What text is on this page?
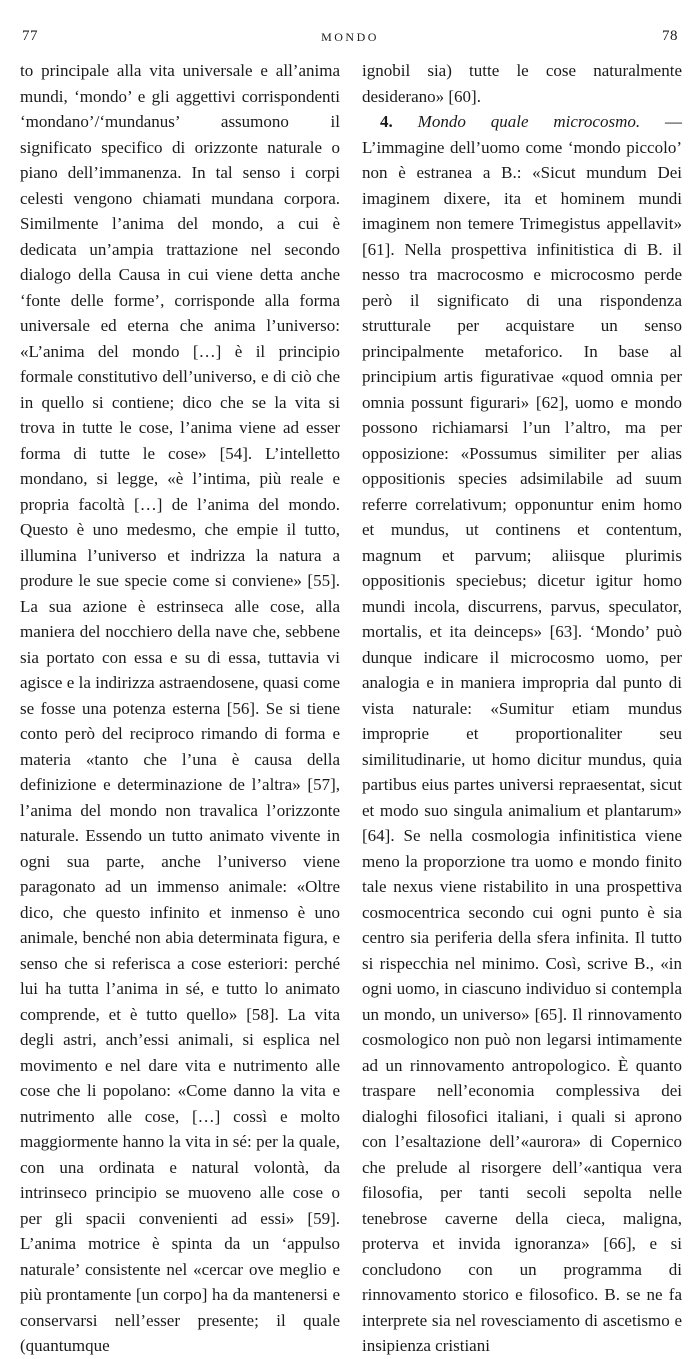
77	MONDO	78

to principale alla vita universale e all’anima mundi, ‘mondo’ e gli aggettivi corrispondenti ‘mondano’/‘mundanus’ assumono il significato specifico di orizzonte naturale o piano dell’immanenza. In tal senso i corpi celesti vengono chiamati mundana corpora. Similmente l’anima del mondo, a cui è dedicata un’ampia trattazione nel secondo dialogo della Causa in cui viene detta anche ‘fonte delle forme’, corrisponde alla forma universale ed eterna che anima l’universo: «L’anima del mondo […] è il principio formale constitutivo dell’universo, e di ciò che in quello si contiene; dico che se la vita si trova in tutte le cose, l’anima viene ad esser forma di tutte le cose» [54]. L’intelletto mondano, si legge, «è l’intima, più reale e propria facoltà […] de l’anima del mondo. Questo è uno medesmo, che empie il tutto, illumina l’universo et indrizza la natura a produre le sue specie come si conviene» [55]. La sua azione è estrinseca alle cose, alla maniera del nocchiero della nave che, sebbene sia portato con essa e su di essa, tuttavia vi agisce e la indirizza astraendosene, quasi come se fosse una potenza esterna [56]. Se si tiene conto però del reciproco rimando di forma e materia «tanto che l’una è causa della definizione e determinazione de l’altra» [57], l’anima del mondo non travalica l’orizzonte naturale. Essendo un tutto animato vivente in ogni sua parte, anche l’universo viene paragonato ad un immenso animale: «Oltre dico, che questo infinito et inmenso è uno animale, benché non abia determinata figura, e senso che si referisca a cose esteriori: perché lui ha tutta l’anima in sé, e tutto lo animato comprende, et è tutto quello» [58]. La vita degli astri, anch’essi animali, si esplica nel movimento e nel dare vita e nutrimento alle cose che li popolano: «Come danno la vita e nutrimento alle cose, […] cossì e molto maggiormente hanno la vita in sé: per la quale, con una ordinata e natural volontà, da intrinseco principio se muoveno alle cose o per gli spacii convenienti ad essi» [59]. L’anima motrice è spinta da un ‘appulso naturale’ consistente nel «cercar ove meglio e più prontamente [un corpo] ha da mantenersi e conservarsi nell’esser presente; il quale (quantumque

ignobil sia) tutte le cose naturalmente desiderano» [60].

4. Mondo quale microcosmo. — L’immagine dell’uomo come ‘mondo piccolo’ non è estranea a B.: «Sicut mundum Dei imaginem dixere, ita et hominem mundi imaginem non temere Trimegistus appellavit» [61]. Nella prospettiva infinitistica di B. il nesso tra macrocosmo e microcosmo perde però il significato di una rispondenza strutturale per acquistare un senso principalmente metaforico. In base al principium artis figurativae «quod omnia per omnia possunt figurari» [62], uomo e mondo possono richiamarsi l’un l’altro, ma per opposizione: «Possumus similiter per alias oppositionis species adsimilabile ad suum referre correlativum; opponuntur enim homo et mundus, ut continens et contentum, magnum et parvum; aliisque plurimis oppositionis speciebus; dicetur igitur homo mundi incola, discurrens, parvus, speculator, mortalis, et ita deinceps» [63]. ‘Mondo’ può dunque indicare il microcosmo uomo, per analogia e in maniera impropria dal punto di vista naturale: «Sumitur etiam mundus improprie et proportionaliter seu similitudinarie, ut homo dicitur mundus, quia partibus eius partes universi repraesentat, sicut et modo suo singula animalium et plantarum» [64]. Se nella cosmologia infinitistica viene meno la proporzione tra uomo e mondo finito tale nexus viene ristabilito in una prospettiva cosmocentrica secondo cui ogni punto è sia centro sia periferia della sfera infinita. Il tutto si rispecchia nel minimo. Così, scrive B., «in ogni uomo, in ciascuno individuo si contempla un mondo, un universo» [65]. Il rinnovamento cosmologico non può non legarsi intimamente ad un rinnovamento antropologico. È quanto traspare nell’economia complessiva dei dialoghi filosofici italiani, i quali si aprono con l’esaltazione dell’«aurora» di Copernico che prelude al risorgere dell’«antiqua vera filosofia, per tanti secoli sepolta nelle tenebrose caverne della cieca, maligna, proterva et invida ignoranza» [66], e si concludono con un programma di rinnovamento storico e filosofico. B. se ne fa interprete sia nel rovesciamento di ascetismo e insipienza cristiani
